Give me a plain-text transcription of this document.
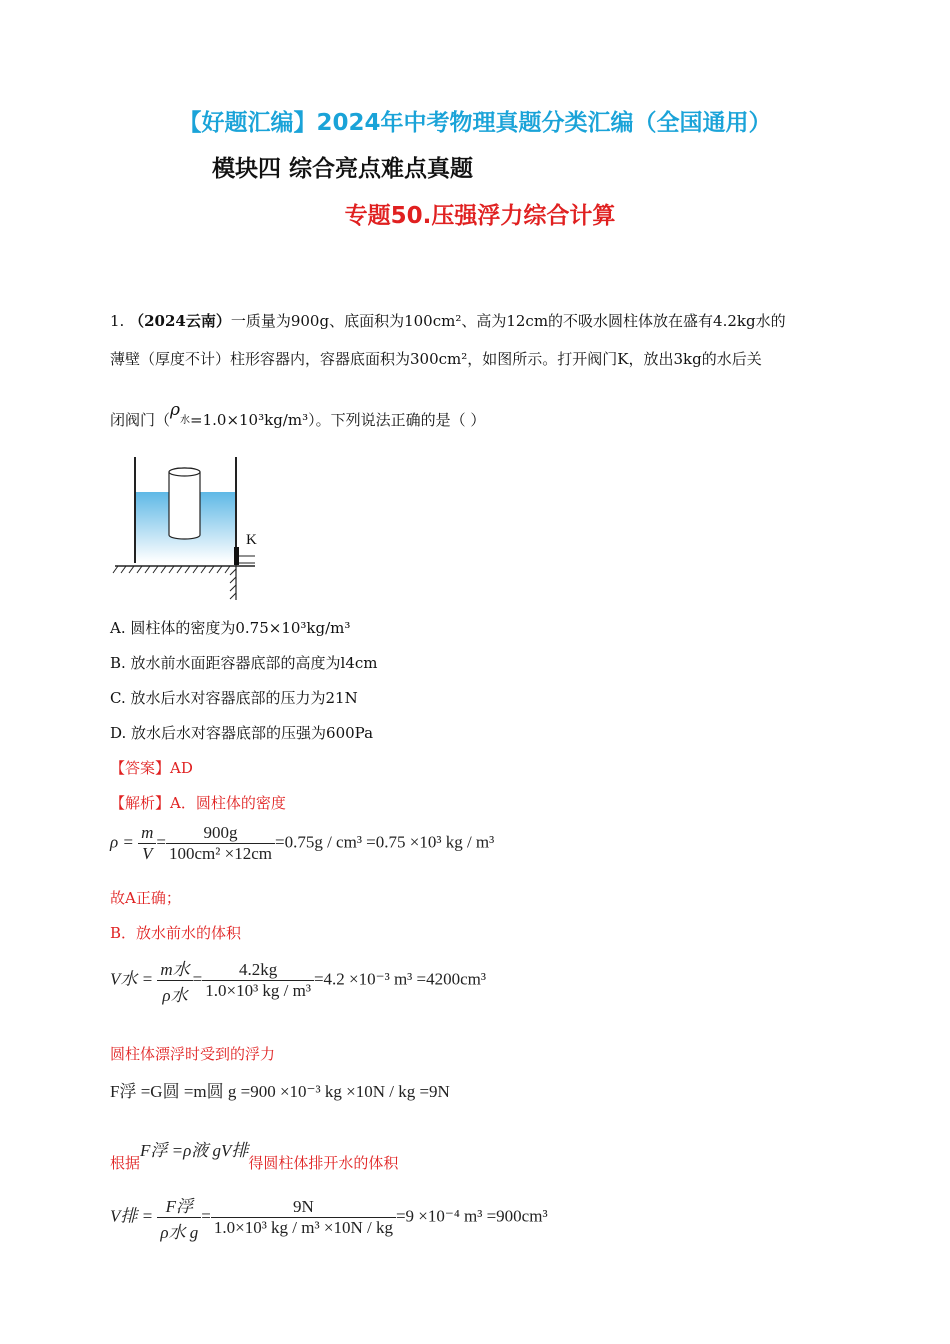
【好题汇编】2024年中考物理真题分类汇编（全国通用）
模块四 综合亮点难点真题
专题50.压强浮力综合计算
1. （2024云南）一质量为900g、底面积为100cm²、高为12cm的不吸水圆柱体放在盛有4.2kg水的
薄壁（厚度不计）柱形容器内，容器底面积为300cm²，如图所示。打开阀门K，放出3kg的水后关
闭阀门$(\rho_水=1.0\times 10^3kg/m^3)$。下列说法正确的是（ ）
K
A. 圆柱体的密度为0.75×10³kg/m³
B. 放水前水面距容器底部的高度为l4cm
C. 放水后水对容器底部的压力为21N
D. 放水后水对容器底部的压强为600Pa
【答案】AD
【解析】A．圆柱体的密度
$\rho = \frac{m}{V} = \frac{900g}{\text{100cm² ×12cm}} =0.75g / cm^3 =0.75 \times 10^3$ kg / m³
故A正确；
B．放水前水的体积
V水 = $\frac{\text{m水}}{\text{ρ水}} = \frac{4.2kg}{\text{1.0×10³ kg / m³}} =4.2 \times 10^{-3}$ m³ =4200cm³
圆柱体漂浮时受到的浮力
F浮 =G圆 =m圆 g =900 ×10⁻³ kg ×10N / kg =9N
根据F浮 =ρ液 gV排得圆柱体排开水的体积
V排 = $\frac{\text{F浮}}{\text{ρ水 g}} = \frac{9N}{\text{1.0×10³ kg / m³ ×10N / kg}} =9 \times 10^{-4}$ m³ =900cm³
